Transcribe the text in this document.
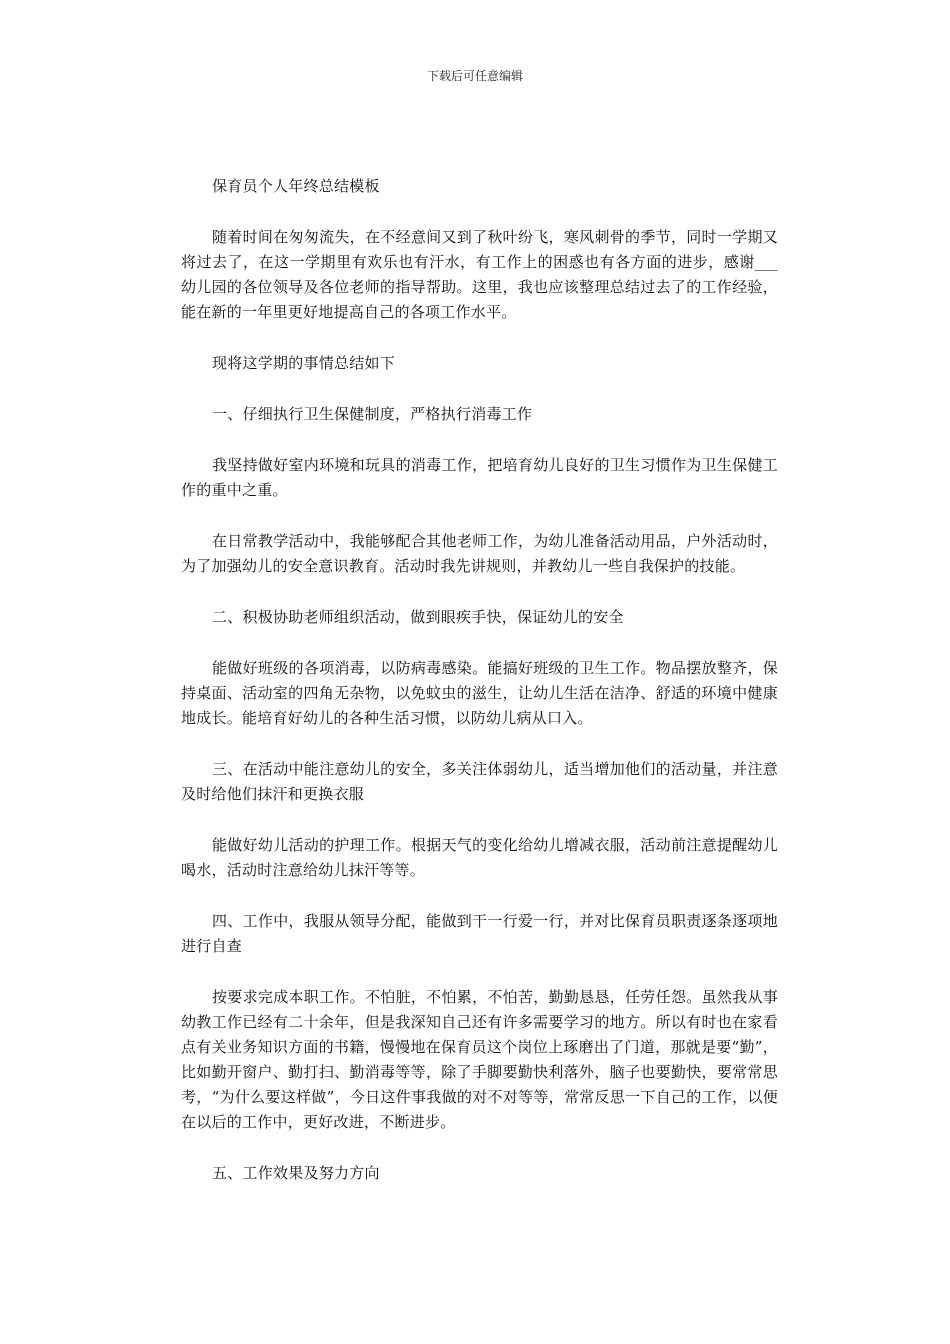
下载后可任意编辑

保育员个人年终总结模板

随着时间在匆匆流失，在不经意间又到了秋叶纷飞，寒风刺骨的季节，同时一学期又将过去了，在这一学期里有欢乐也有汗水，有工作上的困惑也有各方面的进步，感谢___幼儿园的各位领导及各位老师的指导帮助。这里，我也应该整理总结过去了的工作经验，能在新的一年里更好地提高自己的各项工作水平。

现将这学期的事情总结如下

一、仔细执行卫生保健制度，严格执行消毒工作

我坚持做好室内环境和玩具的消毒工作，把培育幼儿良好的卫生习惯作为卫生保健工作的重中之重。

在日常教学活动中，我能够配合其他老师工作，为幼儿准备活动用品，户外活动时，为了加强幼儿的安全意识教育。活动时我先讲规则，并教幼儿一些自我保护的技能。

二、积极协助老师组织活动，做到眼疾手快，保证幼儿的安全

能做好班级的各项消毒，以防病毒感染。能搞好班级的卫生工作。物品摆放整齐，保持桌面、活动室的四角无杂物，以免蚊虫的滋生，让幼儿生活在洁净、舒适的环境中健康地成长。能培育好幼儿的各种生活习惯，以防幼儿病从口入。

三、在活动中能注意幼儿的安全，多关注体弱幼儿，适当增加他们的活动量，并注意及时给他们抹汗和更换衣服

能做好幼儿活动的护理工作。根据天气的变化给幼儿增减衣服，活动前注意提醒幼儿喝水，活动时注意给幼儿抹汗等等。

四、工作中，我服从领导分配，能做到干一行爱一行，并对比保育员职责逐条逐项地进行自查

按要求完成本职工作。不怕脏，不怕累，不怕苦，勤勤恳恳，任劳任怨。虽然我从事幼教工作已经有二十余年，但是我深知自己还有许多需要学习的地方。所以有时也在家看点有关业务知识方面的书籍，慢慢地在保育员这个岗位上琢磨出了门道，那就是要“勤”，比如勤开窗户、勤打扫、勤消毒等等，除了手脚要勤快利落外，脑子也要勤快，要常常思考，“为什么要这样做”，今日这件事我做的对不对等等，常常反思一下自己的工作，以便在以后的工作中，更好改进，不断进步。

五、工作效果及努力方向
